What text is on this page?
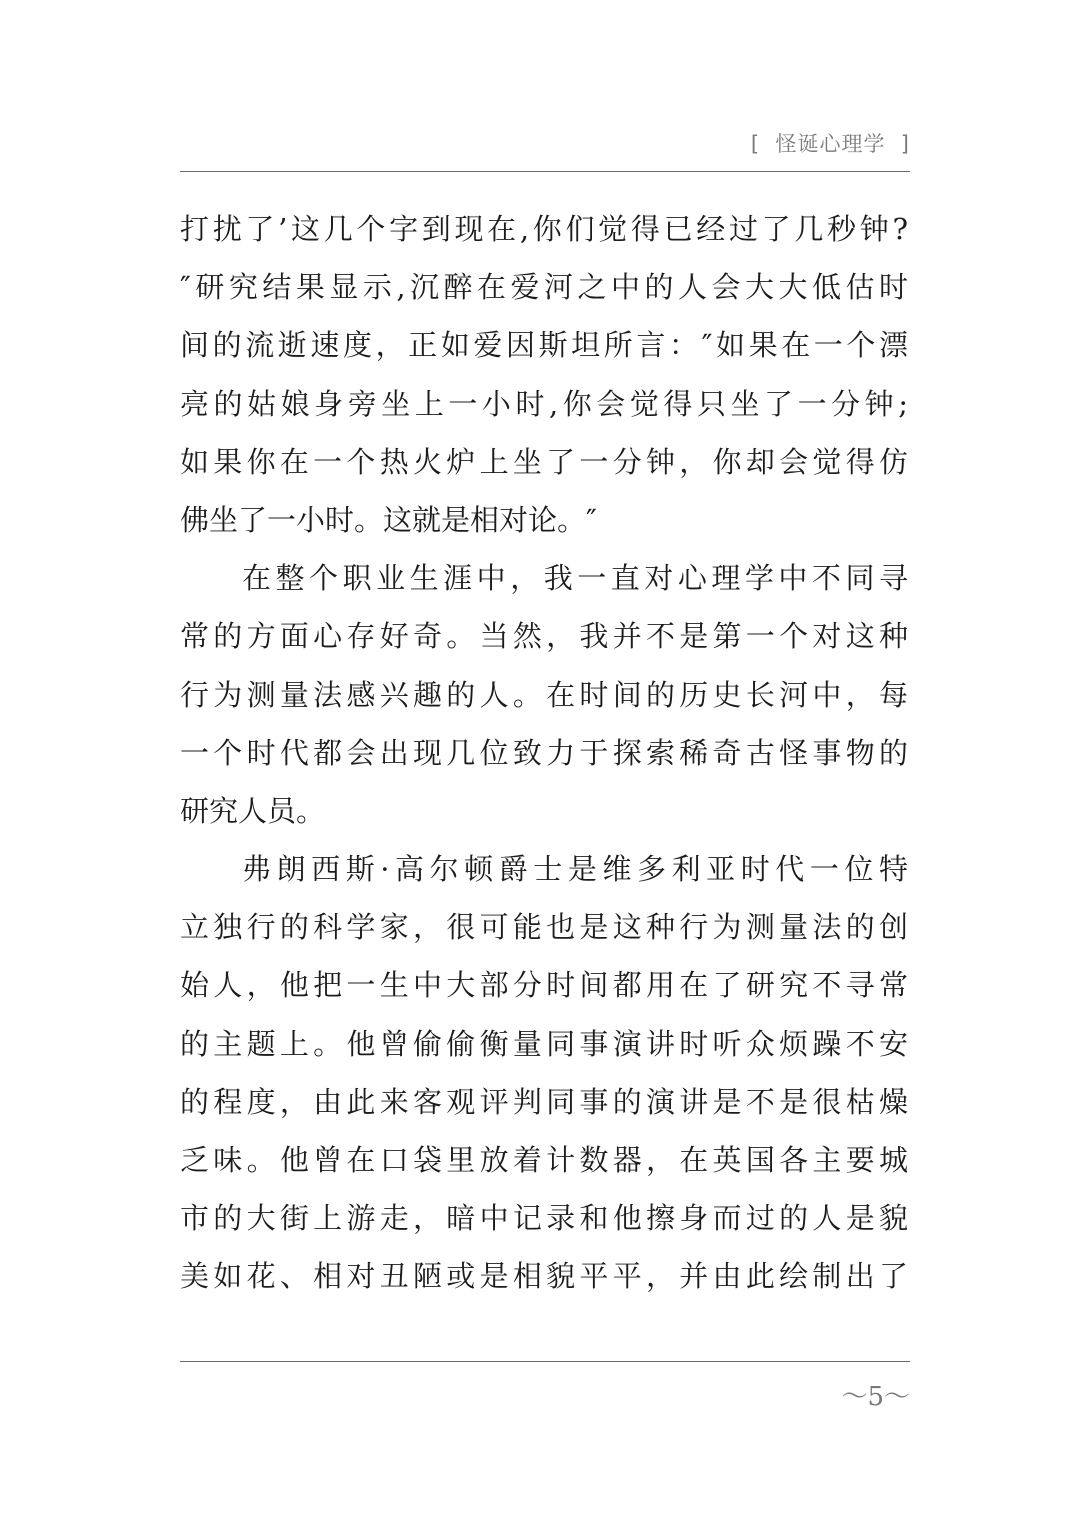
[  怪诞心理学  ]
打扰了’这几个字到现在,你们觉得已经过了几秒钟?
″研究结果显示,沉醉在爱河之中的人会大大低估时
间的流逝速度，正如爱因斯坦所言：″如果在一个漂
亮的姑娘身旁坐上一小时,你会觉得只坐了一分钟;
如果你在一个热火炉上坐了一分钟，你却会觉得仿
佛坐了一小时。这就是相对论。″
在整个职业生涯中，我一直对心理学中不同寻
常的方面心存好奇。当然，我并不是第一个对这种
行为测量法感兴趣的人。在时间的历史长河中，每
一个时代都会出现几位致力于探索稀奇古怪事物的
研究人员。
弗朗西斯·高尔顿爵士是维多利亚时代一位特
立独行的科学家，很可能也是这种行为测量法的创
始人，他把一生中大部分时间都用在了研究不寻常
的主题上。他曾偷偷衡量同事演讲时听众烦躁不安
的程度，由此来客观评判同事的演讲是不是很枯燥
乏味。他曾在口袋里放着计数器，在英国各主要城
市的大街上游走，暗中记录和他擦身而过的人是貌
美如花、相对丑陋或是相貌平平，并由此绘制出了
～5～
